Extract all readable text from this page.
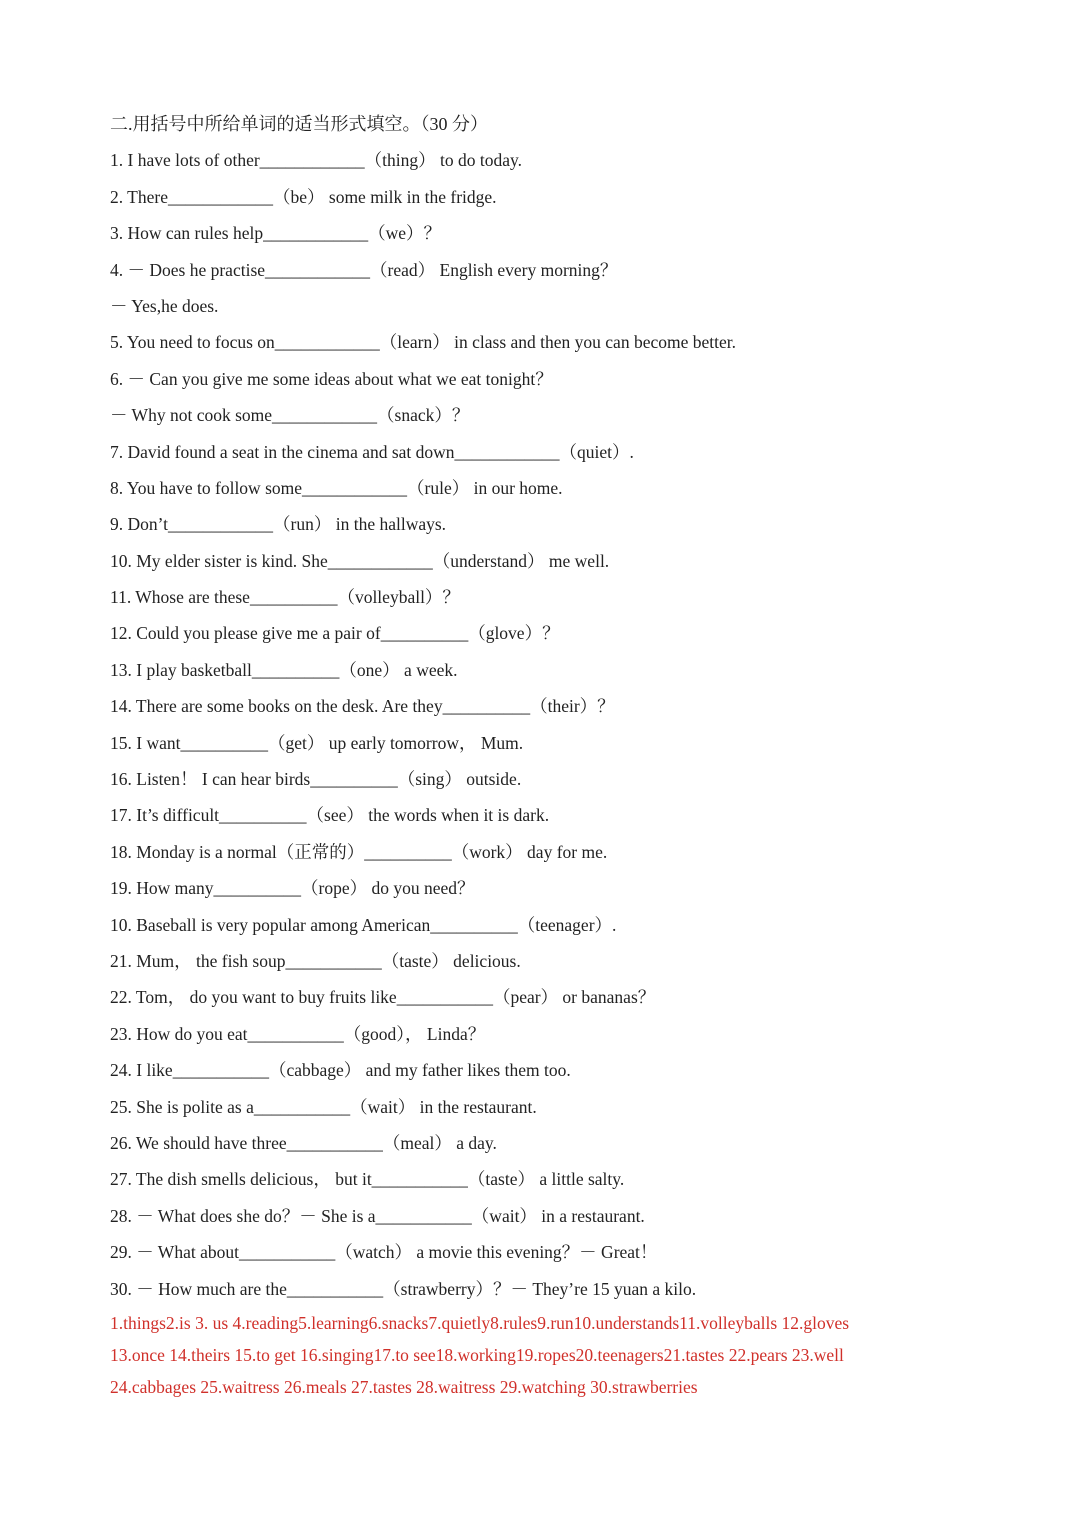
二.用括号中所给单词的适当形式填空。（30 分）
1. I have lots of other____________（thing） to do today.
2. There____________（be） some milk in the fridge.
3. How can rules help____________（we）？
4. － Does he practise____________（read） English every morning？
－ Yes,he does.
5. You need to focus on____________（learn） in class and then you can become better.
6. － Can you give me some ideas about what we eat tonight？
－ Why not cook some____________（snack）？
7. David found a seat in the cinema and sat down____________（quiet）.
8. You have to follow some____________（rule） in our home.
9. Don’t____________（run） in the hallways.
10. My elder sister is kind. She____________（understand） me well.
11. Whose are these__________（volleyball）？
12. Could you please give me a pair of__________（glove）？
13. I play basketball__________（one） a week.
14. There are some books on the desk. Are they__________（their）？
15. I want__________（get） up early tomorrow， Mum.
16. Listen！ I can hear birds__________（sing） outside.
17. It’s difficult__________（see） the words when it is dark.
18. Monday is a normal（正常的）__________（work） day for me.
19. How many__________（rope） do you need？
10. Baseball is very popular among American__________（teenager）.
21. Mum， the fish soup___________（taste） delicious.
22. Tom， do you want to buy fruits like___________（pear） or bananas？
23. How do you eat___________（good）， Linda？
24. I like___________（cabbage） and my father likes them too.
25. She is polite as a___________（wait） in the restaurant.
26. We should have three___________（meal） a day.
27. The dish smells delicious， but it___________（taste） a little salty.
28. － What does she do？－ She is a___________（wait） in a restaurant.
29. － What about___________（watch） a movie this evening？－ Great！
30. － How much are the___________（strawberry）？－ They’re 15 yuan a kilo.
1.things2.is 3. us 4.reading5.learning6.snacks7.quietly8.rules9.run10.understands11.volleyballs 12.gloves
13.once 14.theirs 15.to get 16.singing17.to see18.working19.ropes20.teenagers21.tastes 22.pears 23.well
24.cabbages 25.waitress 26.meals 27.tastes 28.waitress 29.watching 30.strawberries
